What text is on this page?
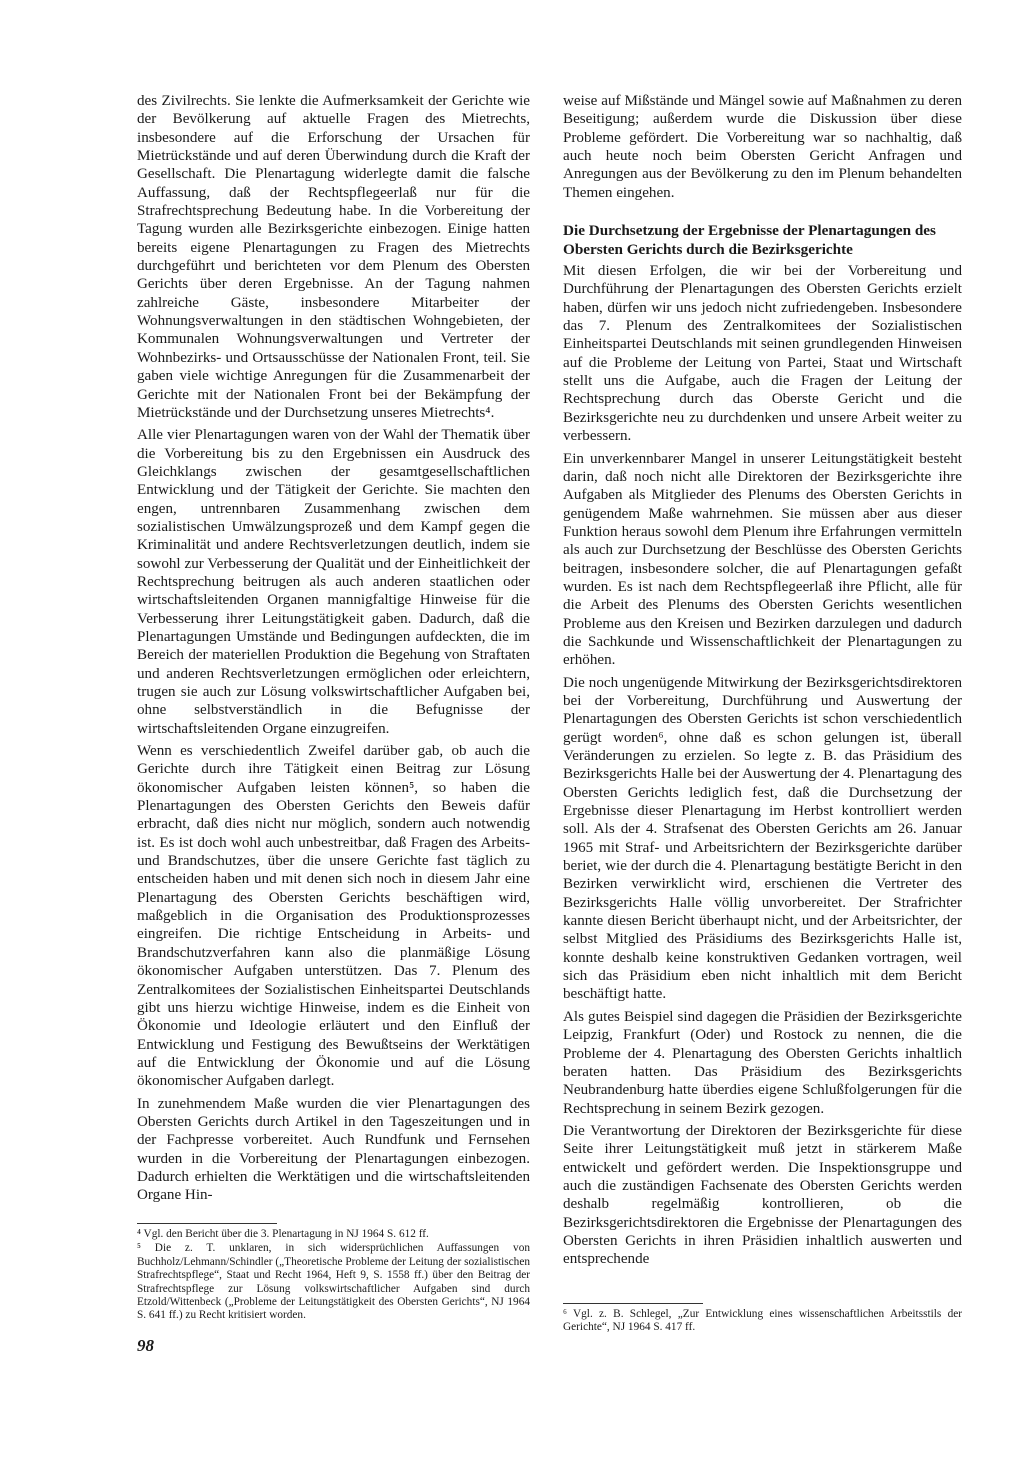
des Zivilrechts. Sie lenkte die Aufmerksamkeit der Gerichte wie der Bevölkerung auf aktuelle Fragen des Mietrechts, insbesondere auf die Erforschung der Ursachen für Mietrückstände und auf deren Überwindung durch die Kraft der Gesellschaft. Die Plenartagung widerlegte damit die falsche Auffassung, daß der Rechtspflegeerlaß nur für die Strafrechtsprechung Bedeutung habe. In die Vorbereitung der Tagung wurden alle Bezirksgerichte einbezogen. Einige hatten bereits eigene Plenartagungen zu Fragen des Mietrechts durchgeführt und berichteten vor dem Plenum des Obersten Gerichts über deren Ergebnisse. An der Tagung nahmen zahlreiche Gäste, insbesondere Mitarbeiter der Wohnungsverwaltungen in den städtischen Wohngebieten, der Kommunalen Wohnungsverwaltungen und Vertreter der Wohnbezirks- und Ortsausschüsse der Nationalen Front, teil. Sie gaben viele wichtige Anregungen für die Zusammenarbeit der Gerichte mit der Nationalen Front bei der Bekämpfung der Mietrückstände und der Durchsetzung unseres Mietrechts⁴.

Alle vier Plenartagungen waren von der Wahl der Thematik über die Vorbereitung bis zu den Ergebnissen ein Ausdruck des Gleichklangs zwischen der gesamtgesellschaftlichen Entwicklung und der Tätigkeit der Gerichte. Sie machten den engen, untrennbaren Zusammenhang zwischen dem sozialistischen Umwälzungsprozeß und dem Kampf gegen die Kriminalität und andere Rechtsverletzungen deutlich, indem sie sowohl zur Verbesserung der Qualität und der Einheitlichkeit der Rechtsprechung beitrugen als auch anderen staatlichen oder wirtschaftsleitenden Organen mannigfaltige Hinweise für die Verbesserung ihrer Leitungstätigkeit gaben. Dadurch, daß die Plenartagungen Umstände und Bedingungen aufdeckten, die im Bereich der materiellen Produktion die Begehung von Straftaten und anderen Rechtsverletzungen ermöglichen oder erleichtern, trugen sie auch zur Lösung volkswirtschaftlicher Aufgaben bei, ohne selbstverständlich in die Befugnisse der wirtschaftsleitenden Organe einzugreifen.

Wenn es verschiedentlich Zweifel darüber gab, ob auch die Gerichte durch ihre Tätigkeit einen Beitrag zur Lösung ökonomischer Aufgaben leisten können⁵, so haben die Plenartagungen des Obersten Gerichts den Beweis dafür erbracht, daß dies nicht nur möglich, sondern auch notwendig ist. Es ist doch wohl auch unbestreitbar, daß Fragen des Arbeits- und Brandschutzes, über die unsere Gerichte fast täglich zu entscheiden haben und mit denen sich noch in diesem Jahr eine Plenartagung des Obersten Gerichts beschäftigen wird, maßgeblich in die Organisation des Produktionsprozesses eingreifen. Die richtige Entscheidung in Arbeits- und Brandschutzverfahren kann also die planmäßige Lösung ökonomischer Aufgaben unterstützen. Das 7. Plenum des Zentralkomitees der Sozialistischen Einheitspartei Deutschlands gibt uns hierzu wichtige Hinweise, indem es die Einheit von Ökonomie und Ideologie erläutert und den Einfluß der Entwicklung und Festigung des Bewußtseins der Werktätigen auf die Entwicklung der Ökonomie und auf die Lösung ökonomischer Aufgaben darlegt.

In zunehmendem Maße wurden die vier Plenartagungen des Obersten Gerichts durch Artikel in den Tageszeitungen und in der Fachpresse vorbereitet. Auch Rundfunk und Fernsehen wurden in die Vorbereitung der Plenartagungen einbezogen. Dadurch erhielten die Werktätigen und die wirtschaftsleitenden Organe Hin-

⁴ Vgl. den Bericht über die 3. Plenartagung in NJ 1964 S. 612 ff.

⁵ Die z. T. unklaren, in sich widersprüchlichen Auffassungen von Buchholz/Lehmann/Schindler („Theoretische Probleme der Leitung der sozialistischen Strafrechtspflege“, Staat und Recht 1964, Heft 9, S. 1558 ff.) über den Beitrag der Strafrechtspflege zur Lösung volkswirtschaftlicher Aufgaben sind durch Etzold/Wittenbeck („Probleme der Leitungstätigkeit des Obersten Gerichts“, NJ 1964 S. 641 ff.) zu Recht kritisiert worden.

weise auf Mißstände und Mängel sowie auf Maßnahmen zu deren Beseitigung; außerdem wurde die Diskussion über diese Probleme gefördert. Die Vorbereitung war so nachhaltig, daß auch heute noch beim Obersten Gericht Anfragen und Anregungen aus der Bevölkerung zu den im Plenum behandelten Themen eingehen.

Die Durchsetzung der Ergebnisse der Plenartagungen des Obersten Gerichts durch die Bezirksgerichte

Mit diesen Erfolgen, die wir bei der Vorbereitung und Durchführung der Plenartagungen des Obersten Gerichts erzielt haben, dürfen wir uns jedoch nicht zufriedengeben. Insbesondere das 7. Plenum des Zentralkomitees der Sozialistischen Einheitspartei Deutschlands mit seinen grundlegenden Hinweisen auf die Probleme der Leitung von Partei, Staat und Wirtschaft stellt uns die Aufgabe, auch die Fragen der Leitung der Rechtsprechung durch das Oberste Gericht und die Bezirksgerichte neu zu durchdenken und unsere Arbeit weiter zu verbessern.

Ein unverkennbarer Mangel in unserer Leitungstätigkeit besteht darin, daß noch nicht alle Direktoren der Bezirksgerichte ihre Aufgaben als Mitglieder des Plenums des Obersten Gerichts in genügendem Maße wahrnehmen. Sie müssen aber aus dieser Funktion heraus sowohl dem Plenum ihre Erfahrungen vermitteln als auch zur Durchsetzung der Beschlüsse des Obersten Gerichts beitragen, insbesondere solcher, die auf Plenartagungen gefaßt wurden. Es ist nach dem Rechtspflegeerlaß ihre Pflicht, alle für die Arbeit des Plenums des Obersten Gerichts wesentlichen Probleme aus den Kreisen und Bezirken darzulegen und dadurch die Sachkunde und Wissenschaftlichkeit der Plenartagungen zu erhöhen.

Die noch ungenügende Mitwirkung der Bezirksgerichtsdirektoren bei der Vorbereitung, Durchführung und Auswertung der Plenartagungen des Obersten Gerichts ist schon verschiedentlich gerügt worden⁶, ohne daß es schon gelungen ist, überall Veränderungen zu erzielen. So legte z. B. das Präsidium des Bezirksgerichts Halle bei der Auswertung der 4. Plenartagung des Obersten Gerichts lediglich fest, daß die Durchsetzung der Ergebnisse dieser Plenartagung im Herbst kontrolliert werden soll. Als der 4. Strafsenat des Obersten Gerichts am 26. Januar 1965 mit Straf- und Arbeitsrichtern der Bezirksgerichte darüber beriet, wie der durch die 4. Plenartagung bestätigte Bericht in den Bezirken verwirklicht wird, erschienen die Vertreter des Bezirksgerichts Halle völlig unvorbereitet. Der Strafrichter kannte diesen Bericht überhaupt nicht, und der Arbeitsrichter, der selbst Mitglied des Präsidiums des Bezirksgerichts Halle ist, konnte deshalb keine konstruktiven Gedanken vortragen, weil sich das Präsidium eben nicht inhaltlich mit dem Bericht beschäftigt hatte.

Als gutes Beispiel sind dagegen die Präsidien der Bezirksgerichte Leipzig, Frankfurt (Oder) und Rostock zu nennen, die die Probleme der 4. Plenartagung des Obersten Gerichts inhaltlich beraten hatten. Das Präsidium des Bezirksgerichts Neubrandenburg hatte überdies eigene Schlußfolgerungen für die Rechtsprechung in seinem Bezirk gezogen.

Die Verantwortung der Direktoren der Bezirksgerichte für diese Seite ihrer Leitungstätigkeit muß jetzt in stärkerem Maße entwickelt und gefördert werden. Die Inspektionsgruppe und auch die zuständigen Fachsenate des Obersten Gerichts werden deshalb regelmäßig kontrollieren, ob die Bezirksgerichtsdirektoren die Ergebnisse der Plenartagungen des Obersten Gerichts in ihren Präsidien inhaltlich auswerten und entsprechende

⁶ Vgl. z. B. Schlegel, „Zur Entwicklung eines wissenschaftlichen Arbeitsstils der Gerichte“, NJ 1964 S. 417 ff.

98
